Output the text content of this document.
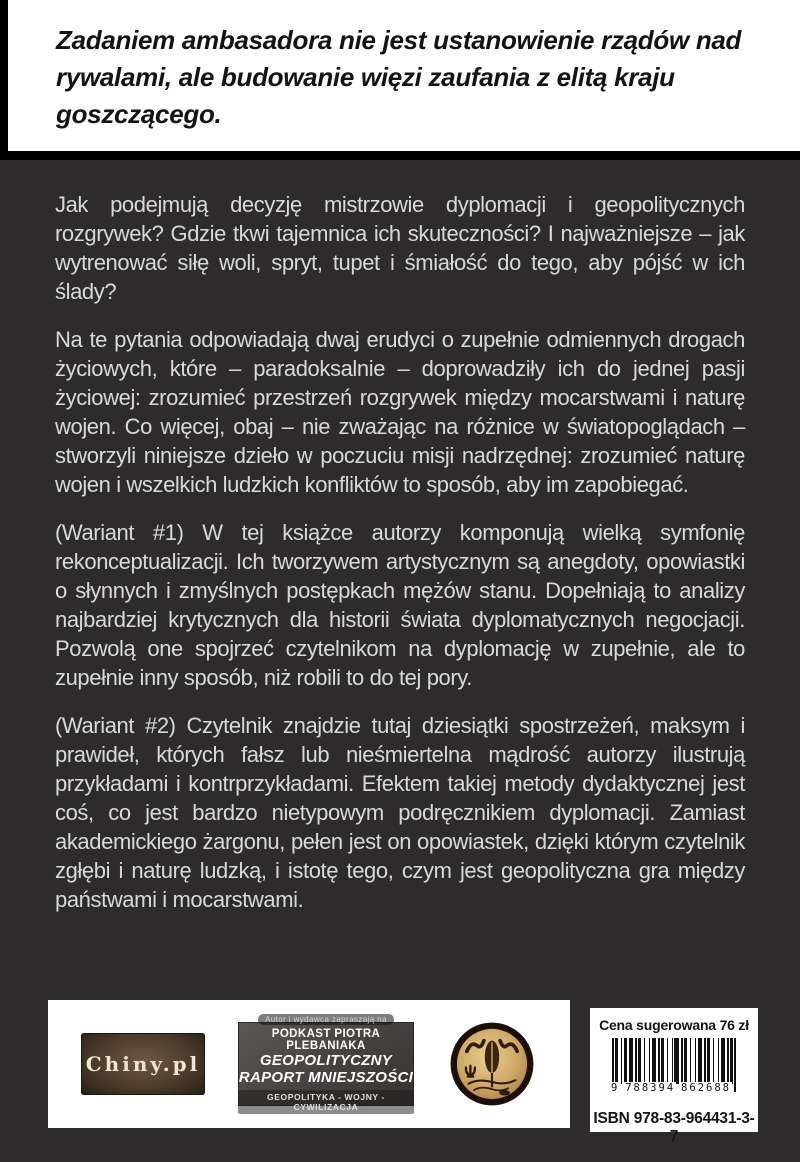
Zadaniem ambasadora nie jest ustanowienie rządów nad rywalami, ale budowanie więzi zaufania z elitą kraju goszczącego.

Jak podejmują decyzję mistrzowie dyplomacji i geopolitycznych rozgrywek? Gdzie tkwi tajemnica ich skuteczności? I najważniejsze – jak wytrenować siłę woli, spryt, tupet i śmiałość do tego, aby pójść w ich ślady?

Na te pytania odpowiadają dwaj erudyci o zupełnie odmiennych drogach życiowych, które – paradoksalnie – doprowadziły ich do jednej pasji życiowej: zrozumieć przestrzeń rozgrywek między mocarstwami i naturę wojen. Co więcej, obaj – nie zważając na różnice w światopoglądach – stworzyli niniejsze dzieło w poczuciu misji nadrzędnej: zrozumieć naturę wojen i wszelkich ludzkich konfliktów to sposób, aby im zapobiegać.

(Wariant #1) W tej książce autorzy komponują wielką symfonię rekonceptualizacji. Ich tworzywem artystycznym są anegdoty, opowiastki o słynnych i zmyślnych postępkach mężów stanu. Dopełniają to analizy najbardziej krytycznych dla historii świata dyplomatycznych negocjacji. Pozwolą one spojrzeć czytelnikom na dyplomację w zupełnie, ale to zupełnie inny sposób, niż robili to do tej pory.

(Wariant #2) Czytelnik znajdzie tutaj dziesiątki spostrzeżeń, maksym i prawideł, których fałsz lub nieśmiertelna mądrość autorzy ilustrują przykładami i kontrprzykładami. Efektem takiej metody dydaktycznej jest coś, co jest bardzo nietypowym podręcznikiem dyplomacji. Zamiast akademickiego żargonu, pełen jest on opowiastek, dzięki którym czytelnik zgłębi i naturę ludzką, i istotę tego, czym jest geopolityczna gra między państwami i mocarstwami.

Chiny.pl
Autor i wydawca zapraszają na
PODKAST PIOTRA PLEBANIAKA
GEOPOLITYCZNY
RAPORT MNIEJSZOŚCI
GEOPOLITYKA - WOJNY - CYWILIZACJA
Cena sugerowana 76 zł
9 788394 862688
ISBN 978-83-964431-3-7
